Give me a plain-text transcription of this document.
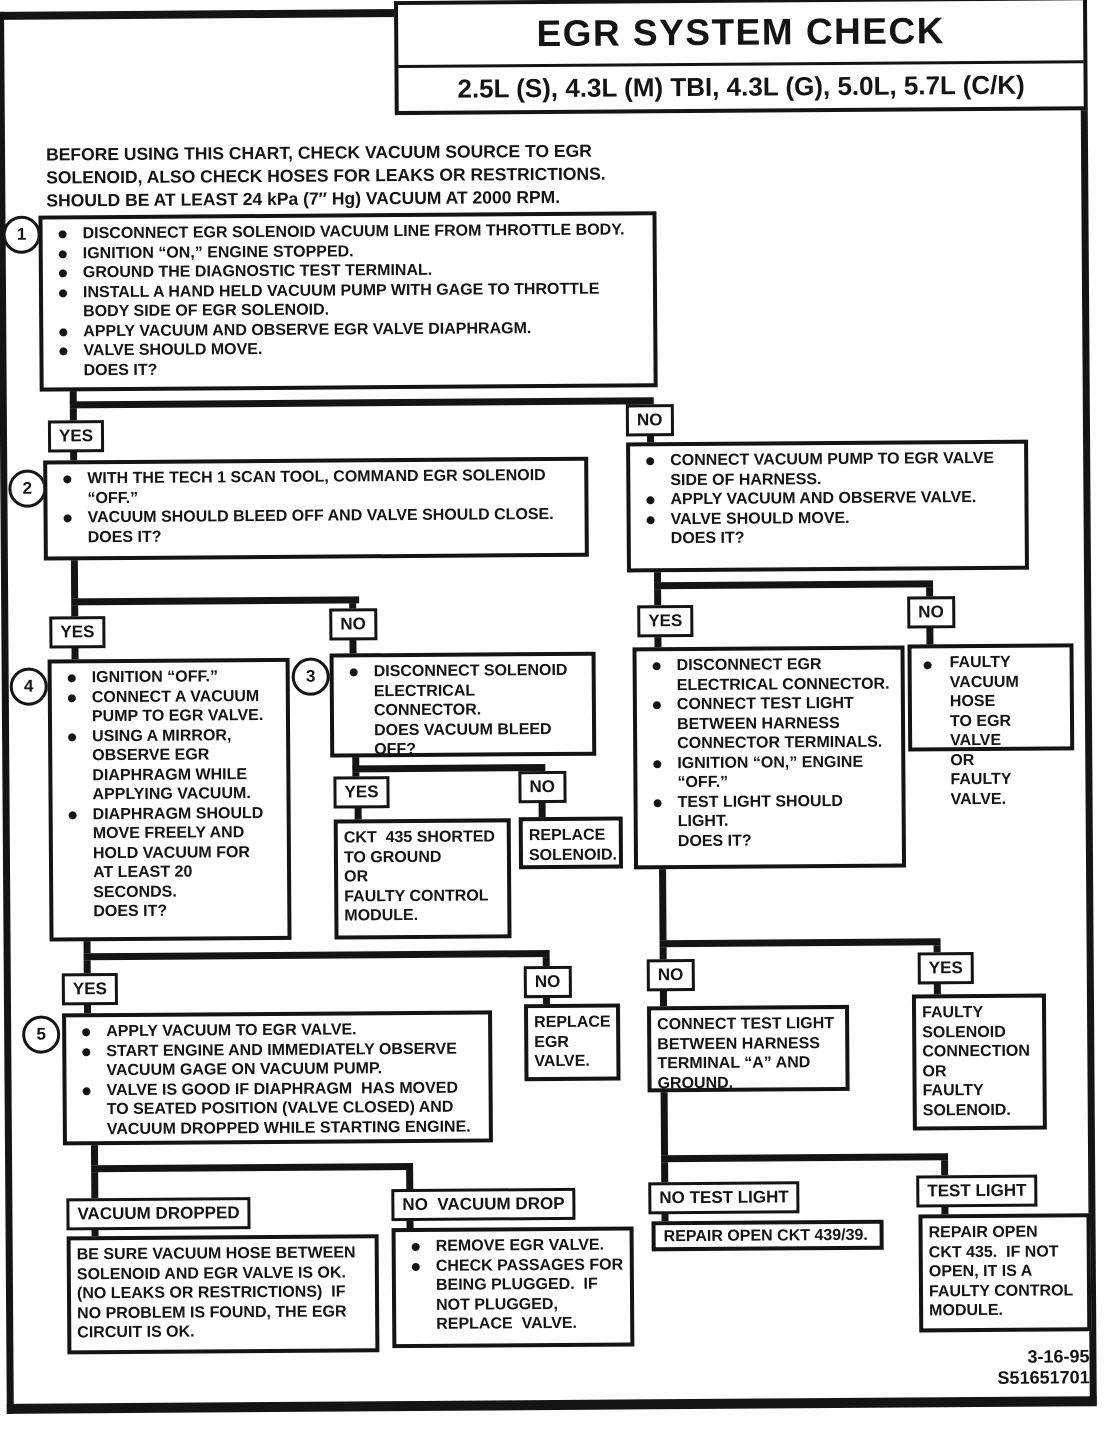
EGR SYSTEM CHECK
2.5L (S), 4.3L (M) TBI, 4.3L (G), 5.0L, 5.7L (C/K)
BEFORE USING THIS CHART, CHECK VACUUM SOURCE TO EGR
SOLENOID, ALSO CHECK HOSES FOR LEAKS OR RESTRICTIONS.
SHOULD BE AT LEAST 24 kPa (7″ Hg) VACUUM AT 2000 RPM.
1
2
3
4
5
DISCONNECT EGR SOLENOID VACUUM LINE FROM THROTTLE BODY.
IGNITION “ON,” ENGINE STOPPED.
GROUND THE DIAGNOSTIC TEST TERMINAL.
INSTALL A HAND HELD VACUUM PUMP WITH GAGE TO THROTTLE
BODY SIDE OF EGR SOLENOID.
APPLY VACUUM AND OBSERVE EGR VALVE DIAPHRAGM.
VALVE SHOULD MOVE.
DOES IT?
YES
NO
WITH THE TECH 1 SCAN TOOL, COMMAND EGR SOLENOID
“OFF.”
VACUUM SHOULD BLEED OFF AND VALVE SHOULD CLOSE.
DOES IT?
CONNECT VACUUM PUMP TO EGR VALVE
SIDE OF HARNESS.
APPLY VACUUM AND OBSERVE VALVE.
VALVE SHOULD MOVE.
DOES IT?
YES	NO
IGNITION “OFF.”
CONNECT A VACUUM
PUMP TO EGR VALVE.
USING A MIRROR,
OBSERVE EGR
DIAPHRAGM WHILE
APPLYING VACUUM.
DIAPHRAGM SHOULD
MOVE FREELY AND
HOLD VACUUM FOR
AT LEAST 20
SECONDS.
DOES IT?
DISCONNECT SOLENOID
ELECTRICAL CONNECTOR.
DOES VACUUM BLEED
OFF?
YES	NO
CKT  435 SHORTED
TO GROUND
OR
FAULTY CONTROL
MODULE.
REPLACE
SOLENOID.
YES	NO
DISCONNECT EGR
ELECTRICAL CONNECTOR.
CONNECT TEST LIGHT
BETWEEN HARNESS
CONNECTOR TERMINALS.
IGNITION “ON,” ENGINE
“OFF.”
TEST LIGHT SHOULD
LIGHT.
DOES IT?
FAULTY
VACUUM HOSE
TO EGR VALVE
OR
FAULTY VALVE.
YES	NO
APPLY VACUUM TO EGR VALVE.
START ENGINE AND IMMEDIATELY OBSERVE
VACUUM GAGE ON VACUUM PUMP.
VALVE IS GOOD IF DIAPHRAGM  HAS MOVED
TO SEATED POSITION (VALVE CLOSED) AND
VACUUM DROPPED WHILE STARTING ENGINE.
REPLACE
EGR
VALVE.
NO	YES
CONNECT TEST LIGHT
BETWEEN HARNESS
TERMINAL “A” AND
GROUND.
FAULTY
SOLENOID
CONNECTION
OR
FAULTY
SOLENOID.
VACUUM DROPPED	NO  VACUUM DROP
BE SURE VACUUM HOSE BETWEEN
SOLENOID AND EGR VALVE IS OK.
(NO LEAKS OR RESTRICTIONS)  IF
NO PROBLEM IS FOUND, THE EGR
CIRCUIT IS OK.
REMOVE EGR VALVE.
CHECK PASSAGES FOR
BEING PLUGGED.  IF
NOT PLUGGED,
REPLACE  VALVE.
NO TEST LIGHT	TEST LIGHT
REPAIR OPEN CKT 439/39.	REPAIR OPEN
CKT 435.  IF NOT
OPEN, IT IS A
FAULTY CONTROL
MODULE.
3-16-95
S51651701
